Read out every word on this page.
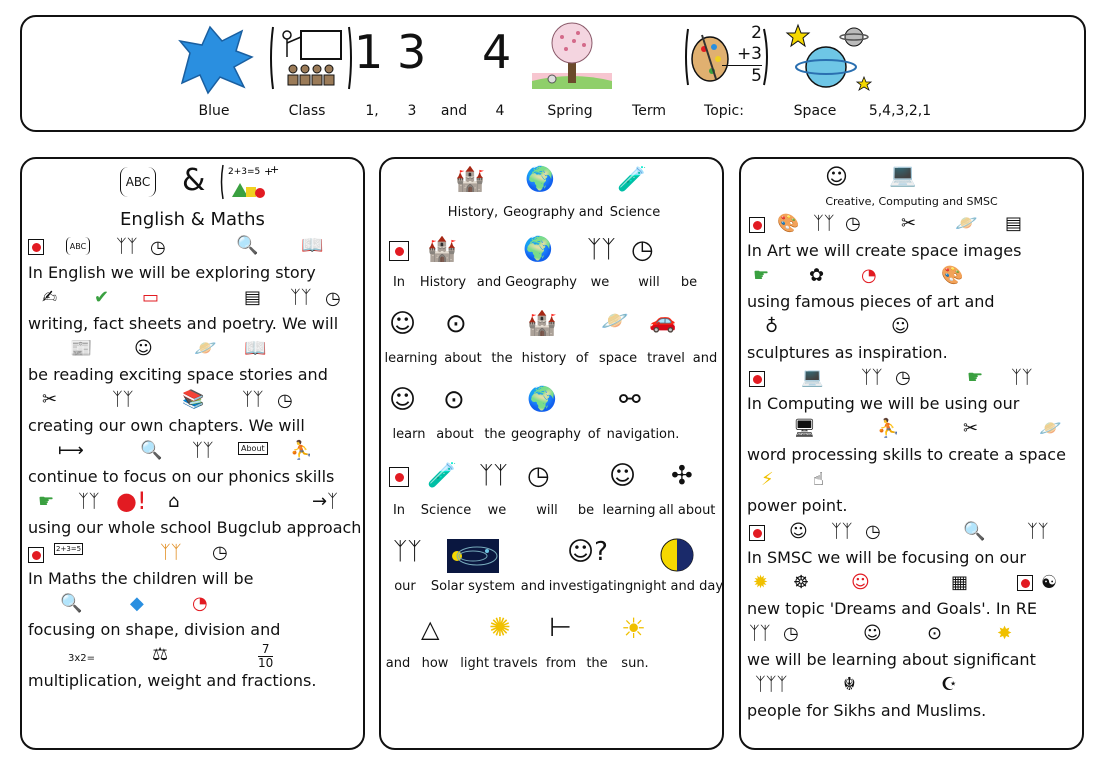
1 3 4	2
+3
5
Blue	Class	1, 3 and 4	Spring	Term	Topic:	Space 5,4,3,2,1
ABC &	2+3=5 +
+
English & Maths
ABC ᛉᛉ ◷	🔍 📖
In English we will be exploring story
✍ ✔ ▭	▤ ᛉᛉ ◷
writing, fact sheets and poetry. We will
📰 ☺ 🪐 📖
be reading exciting space stories and
✂	ᛉᛉ	📚 ᛉᛉ ◷
creating our own chapters. We will
⟼	🔍 ᛉᛉ	About ⛹
continue to focus on our phonics skills
☛ ᛉᛉ ●! ⌂	→ᛉ
using our whole school Bugclub approach.
2+3=5	ᛉᛉ ◷
In Maths the children will be
🔍	◆	◔
focusing on shape, division and
3x2=	⚖	$\frac{7}{10}$
multiplication, weight and fractions.
🏰 🌍	🧪
History, Geography and Science
🏰	🌍 ᛉᛉ ◷
In History and Geography we will be
☺ ⊙	🏰 🪐 🚗
learning about the history of space travel and
☺ ⊙	🌍 ⚯
learn about the geography of navigation.
🧪 ᛉᛉ ◷ ☺ ✣
In Science we will be learning all about
ᛉᛉ	☺?
our Solar system and investigating night and day
△ ✺ ⊢ ☀
and how light travels from the sun.
☺ 💻
Creative, Computing and SMSC
🎨 ᛉᛉ ◷ ✂ 🪐 ▤
In Art we will create space images
☛ ✿ ◔	🎨
using famous pieces of art and
♁	☺
sculptures as inspiration.
💻 ᛉᛉ ◷	☛ ᛉᛉ
In Computing we will be using our
🖥	⛹	✂	🪐
word processing skills to create a space
⚡ ☝
power point.
☺ ᛉᛉ ◷	🔍 ᛉᛉ
In SMSC we will be focusing on our
✹ ☸ ☺	▦	☯
new topic 'Dreams and Goals'. In RE
ᛉᛉ ◷	☺	⊙	✸
we will be learning about significant
ᛉᛉᛉ	☬	☪
people for Sikhs and Muslims.
